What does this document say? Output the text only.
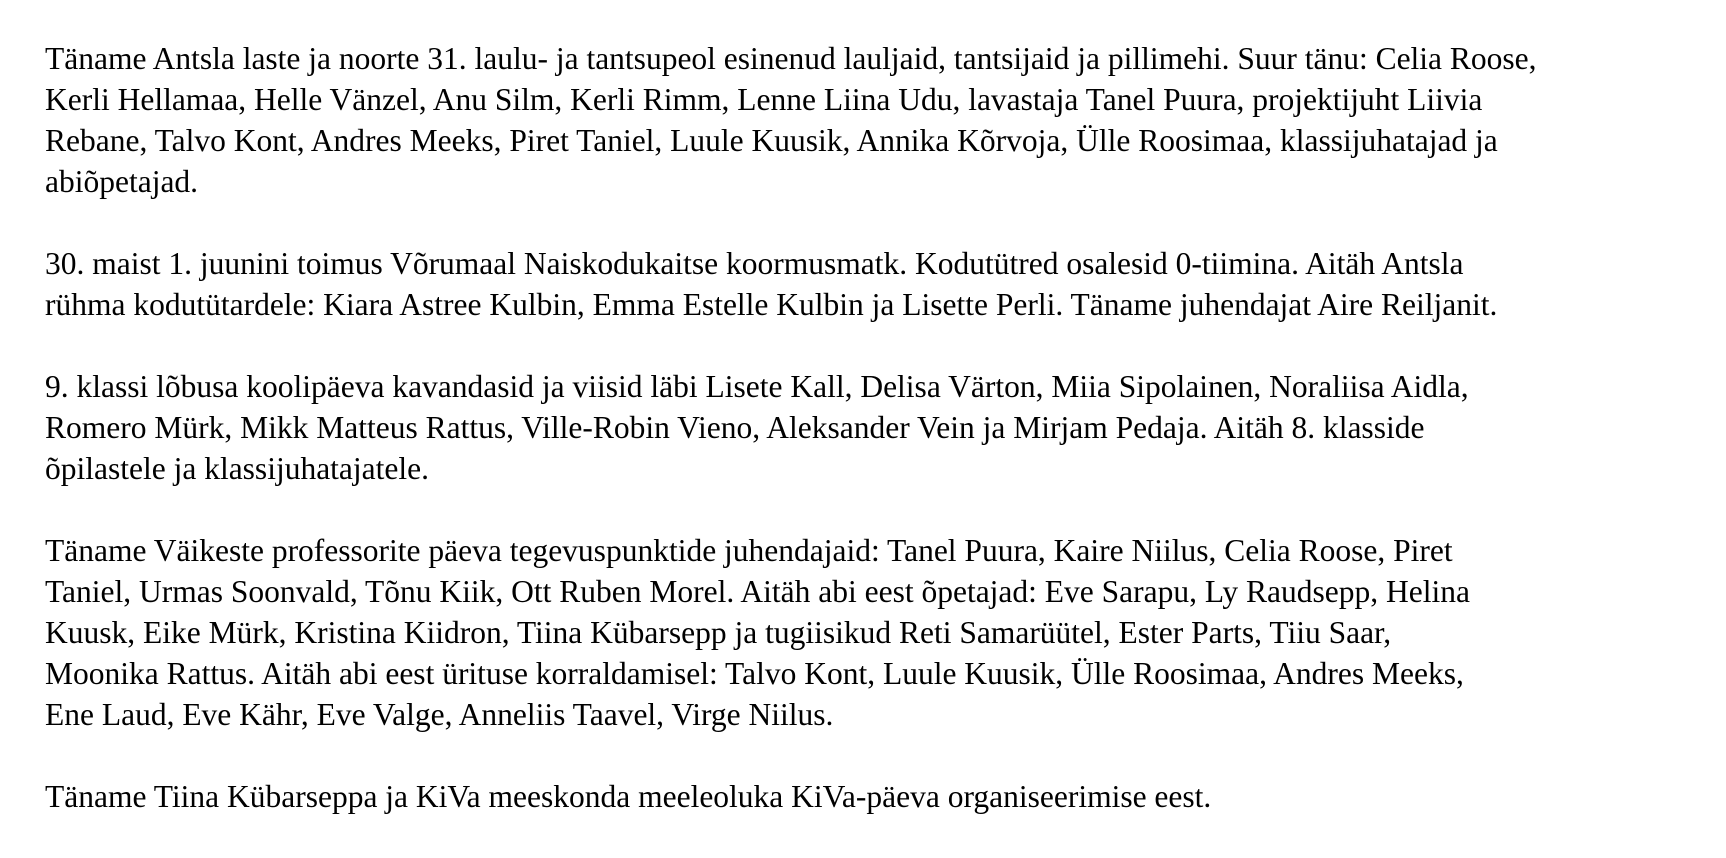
Täname Antsla laste ja noorte 31. laulu- ja tantsupeol esinenud lauljaid, tantsijaid ja pillimehi. Suur tänu: Celia Roose,
Kerli Hellamaa, Helle Vänzel, Anu Silm, Kerli Rimm, Lenne Liina Udu, lavastaja Tanel Puura, projektijuht Liivia
Rebane, Talvo Kont, Andres Meeks, Piret Taniel, Luule Kuusik, Annika Kõrvoja, Ülle Roosimaa, klassijuhatajad ja
abiõpetajad.

30. maist 1. juunini toimus Võrumaal Naiskodukaitse koormusmatk. Kodutütred osalesid 0-tiimina. Aitäh Antsla
rühma kodutütardele: Kiara Astree Kulbin, Emma Estelle Kulbin ja Lisette Perli. Täname juhendajat Aire Reiljanit.

9. klassi lõbusa koolipäeva kavandasid ja viisid läbi Lisete Kall, Delisa Värton, Miia Sipolainen, Noraliisa Aidla,
Romero Mürk, Mikk Matteus Rattus, Ville-Robin Vieno, Aleksander Vein ja Mirjam Pedaja. Aitäh 8. klasside
õpilastele ja klassijuhatajatele.

Täname Väikeste professorite päeva tegevuspunktide juhendajaid: Tanel Puura, Kaire Niilus, Celia Roose, Piret
Taniel, Urmas Soonvald, Tõnu Kiik, Ott Ruben Morel. Aitäh abi eest õpetajad: Eve Sarapu, Ly Raudsepp, Helina
Kuusk, Eike Mürk, Kristina Kiidron, Tiina Kübarsepp ja tugiisikud Reti Samarüütel, Ester Parts, Tiiu Saar,
Moonika Rattus. Aitäh abi eest ürituse korraldamisel: Talvo Kont, Luule Kuusik, Ülle Roosimaa, Andres Meeks,
Ene Laud, Eve Kähr, Eve Valge, Anneliis Taavel, Virge Niilus.

Täname Tiina Kübarseppa ja KiVa meeskonda meeleoluka KiVa-päeva organiseerimise eest.
